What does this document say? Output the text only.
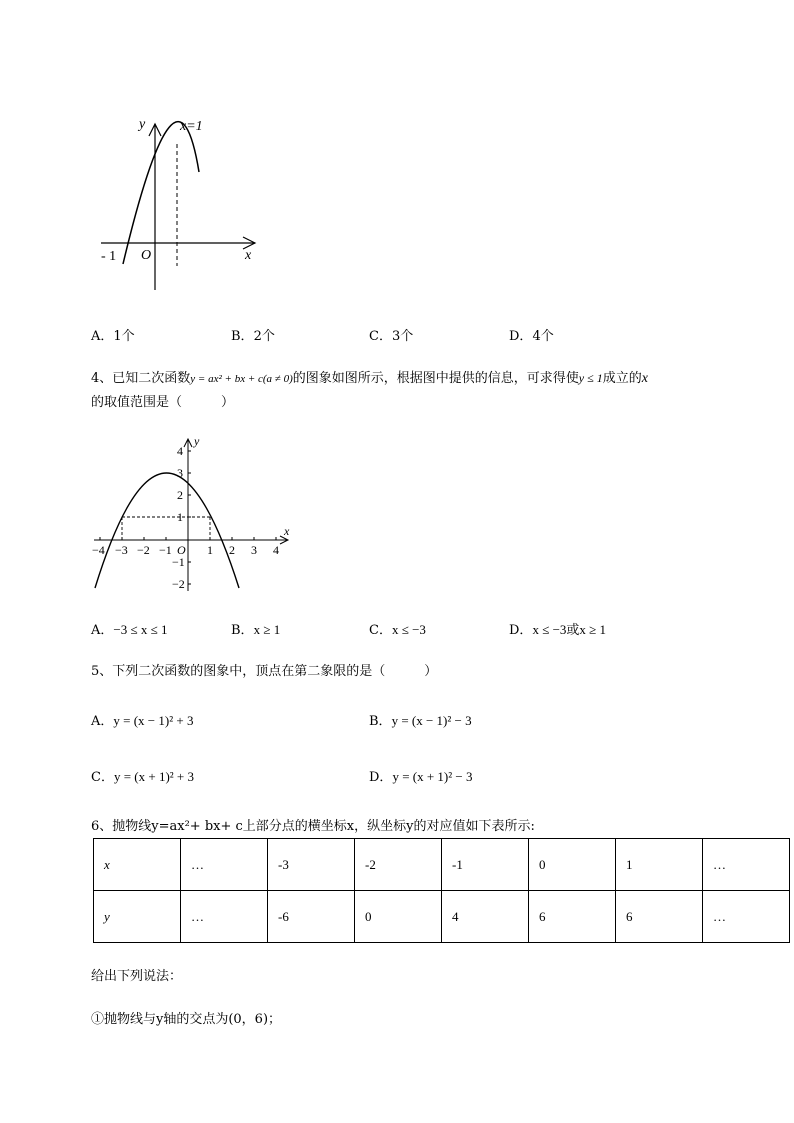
y x=1
x
O
- 1
A．1个	B．2个	C．3个	D．4个
4、已知二次函数y = ax² + bx + c(a ≠ 0)的图象如图所示，根据图中提供的信息，可求得使y ≤ 1成立的x
的取值范围是（　　　）
y
x
O
−4 −3 −2 −1	1 2 3 4
4
3
2
1
−1
−2
A．−3 ≤ x ≤ 1	B．x ≥ 1	C．x ≤ −3	D．x ≤ −3或x ≥ 1
5、下列二次函数的图象中，顶点在第二象限的是（　　　）
A．y = (x − 1)² + 3	B．y = (x − 1)² − 3
C．y = (x + 1)² + 3	D．y = (x + 1)² − 3
6、抛物线y=ax²+ bx+ c上部分点的横坐标x，纵坐标y的对应值如下表所示:
x	…	-3	-2	-1	0	1	…
y	…	-6	0	4	6	6	…
给出下列说法：
①抛物线与y轴的交点为(0，6)；
